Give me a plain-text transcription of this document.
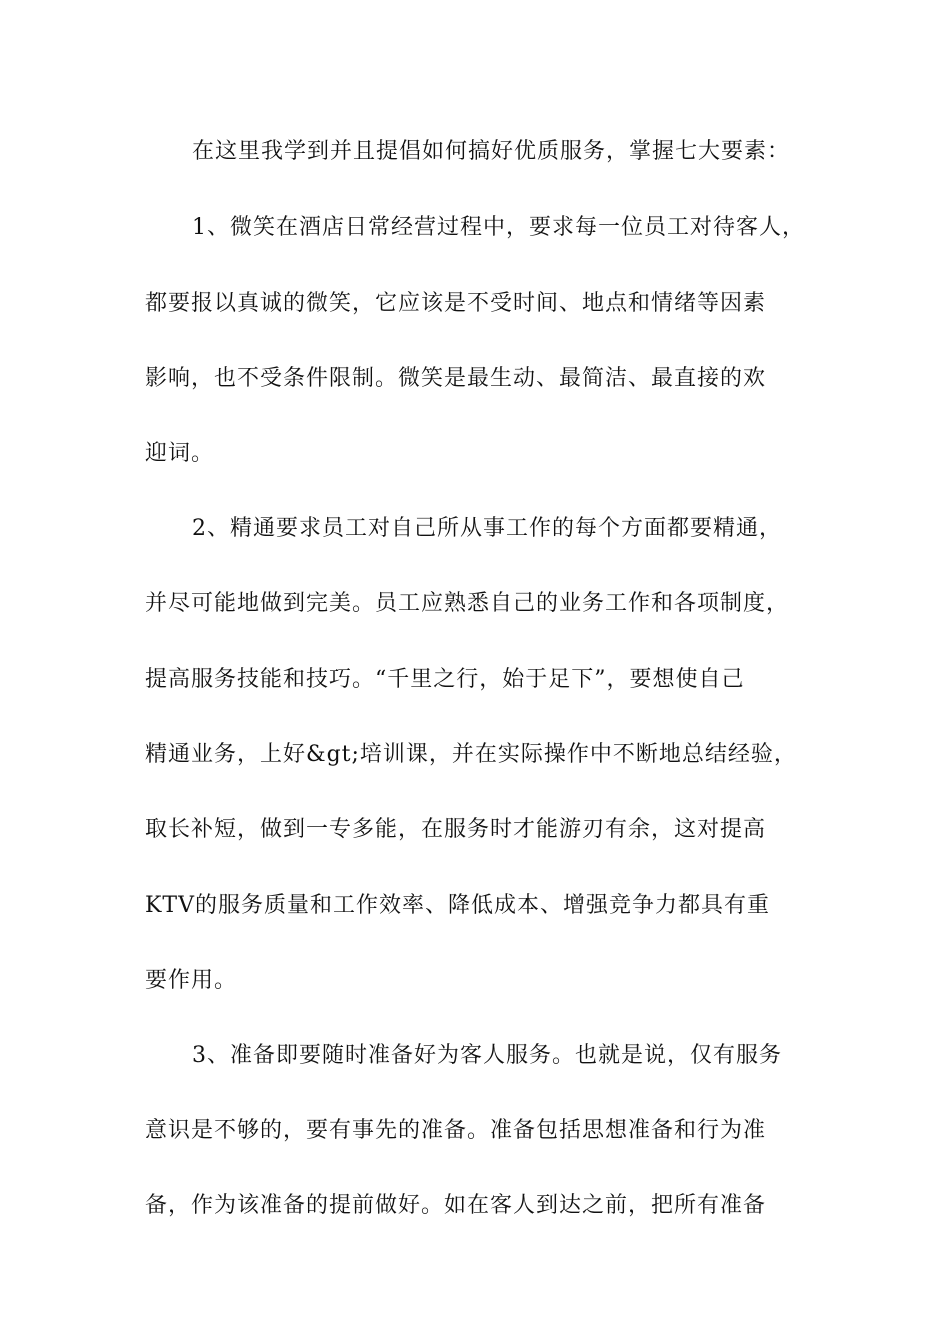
在这里我学到并且提倡如何搞好优质服务，掌握七大要素：
1、微笑在酒店日常经营过程中，要求每一位员工对待客人，
都要报以真诚的微笑，它应该是不受时间、地点和情绪等因素
影响，也不受条件限制。微笑是最生动、最简洁、最直接的欢
迎词。
2、精通要求员工对自己所从事工作的每个方面都要精通，
并尽可能地做到完美。员工应熟悉自己的业务工作和各项制度，
提高服务技能和技巧。“千里之行，始于足下”，要想使自己
精通业务，上好&gt;培训课，并在实际操作中不断地总结经验，
取长补短，做到一专多能，在服务时才能游刃有余，这对提高
KTV的服务质量和工作效率、降低成本、增强竞争力都具有重
要作用。
3、准备即要随时准备好为客人服务。也就是说，仅有服务
意识是不够的，要有事先的准备。准备包括思想准备和行为准
备，作为该准备的提前做好。如在客人到达之前，把所有准备
